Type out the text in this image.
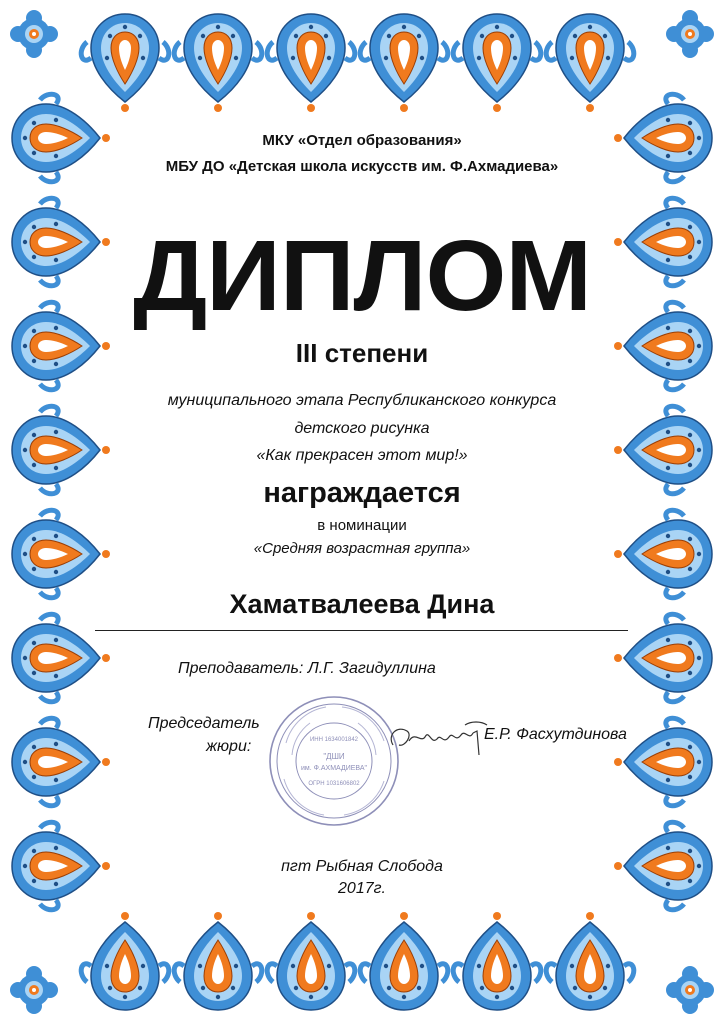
МКУ «Отдел образования»
МБУ ДО «Детская школа искусств им. Ф.Ахмадиева»
ДИПЛОМ
III степени
муниципального этапа Республиканского конкурса
детского рисунка
«Как прекрасен этот мир!»
награждается
в номинации
«Средняя возрастная группа»
Хаматвалеева Дина
Преподаватель: Л.Г. Загидуллина
Председатель
жюри:	ИНН 1634001842
"ДШИ
им. Ф.АХМАДИЕВА"
ОГРН 1031606802
Е.Р. Фасхутдинова
пгт Рыбная Слобода
2017г.
